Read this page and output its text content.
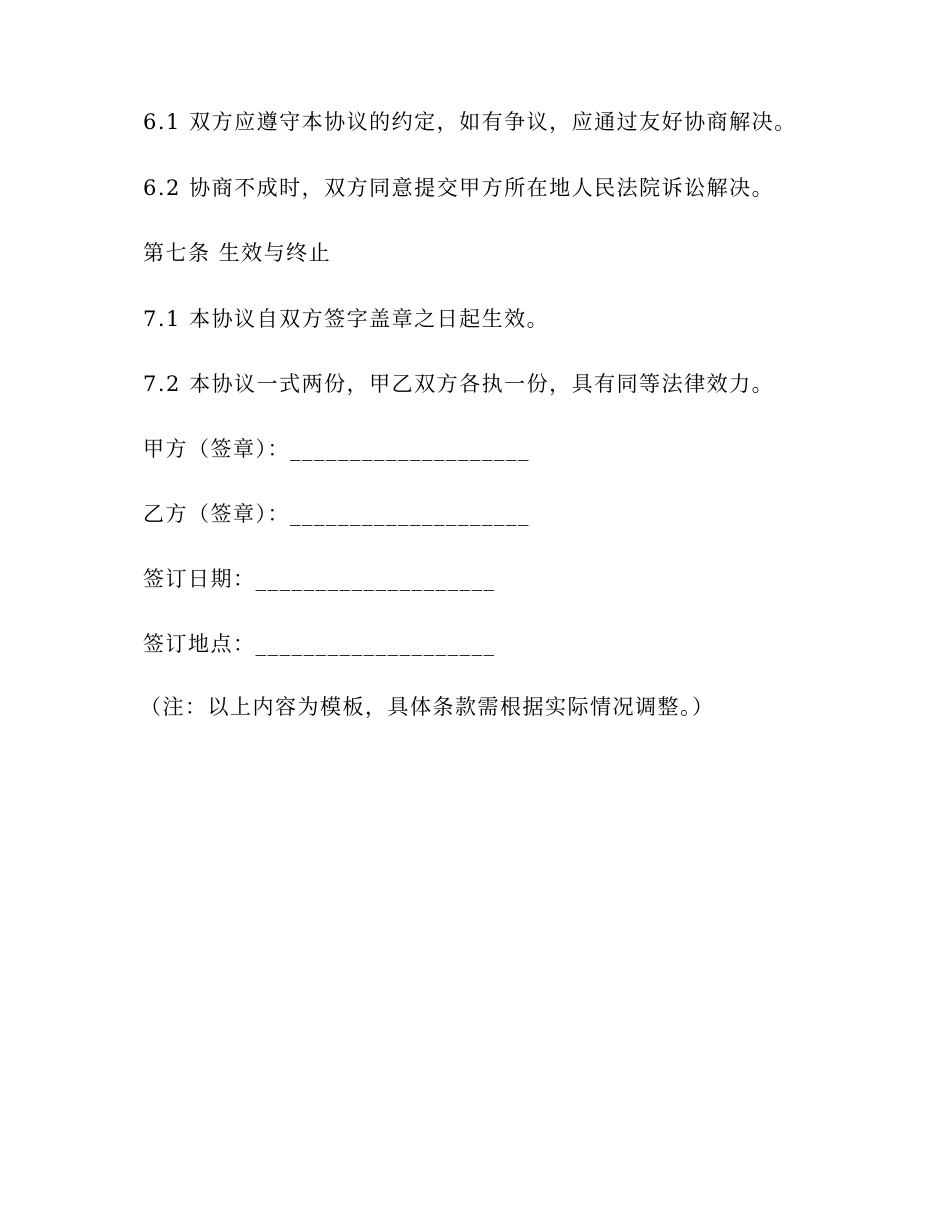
6.1 双方应遵守本协议的约定，如有争议，应通过友好协商解决。
6.2 协商不成时，双方同意提交甲方所在地人民法院诉讼解决。
第七条 生效与终止
7.1 本协议自双方签字盖章之日起生效。
7.2 本协议一式两份，甲乙双方各执一份，具有同等法律效力。
甲方（签章）：____________________
乙方（签章）：____________________
签订日期：____________________
签订地点：____________________
（注：以上内容为模板，具体条款需根据实际情况调整。）
